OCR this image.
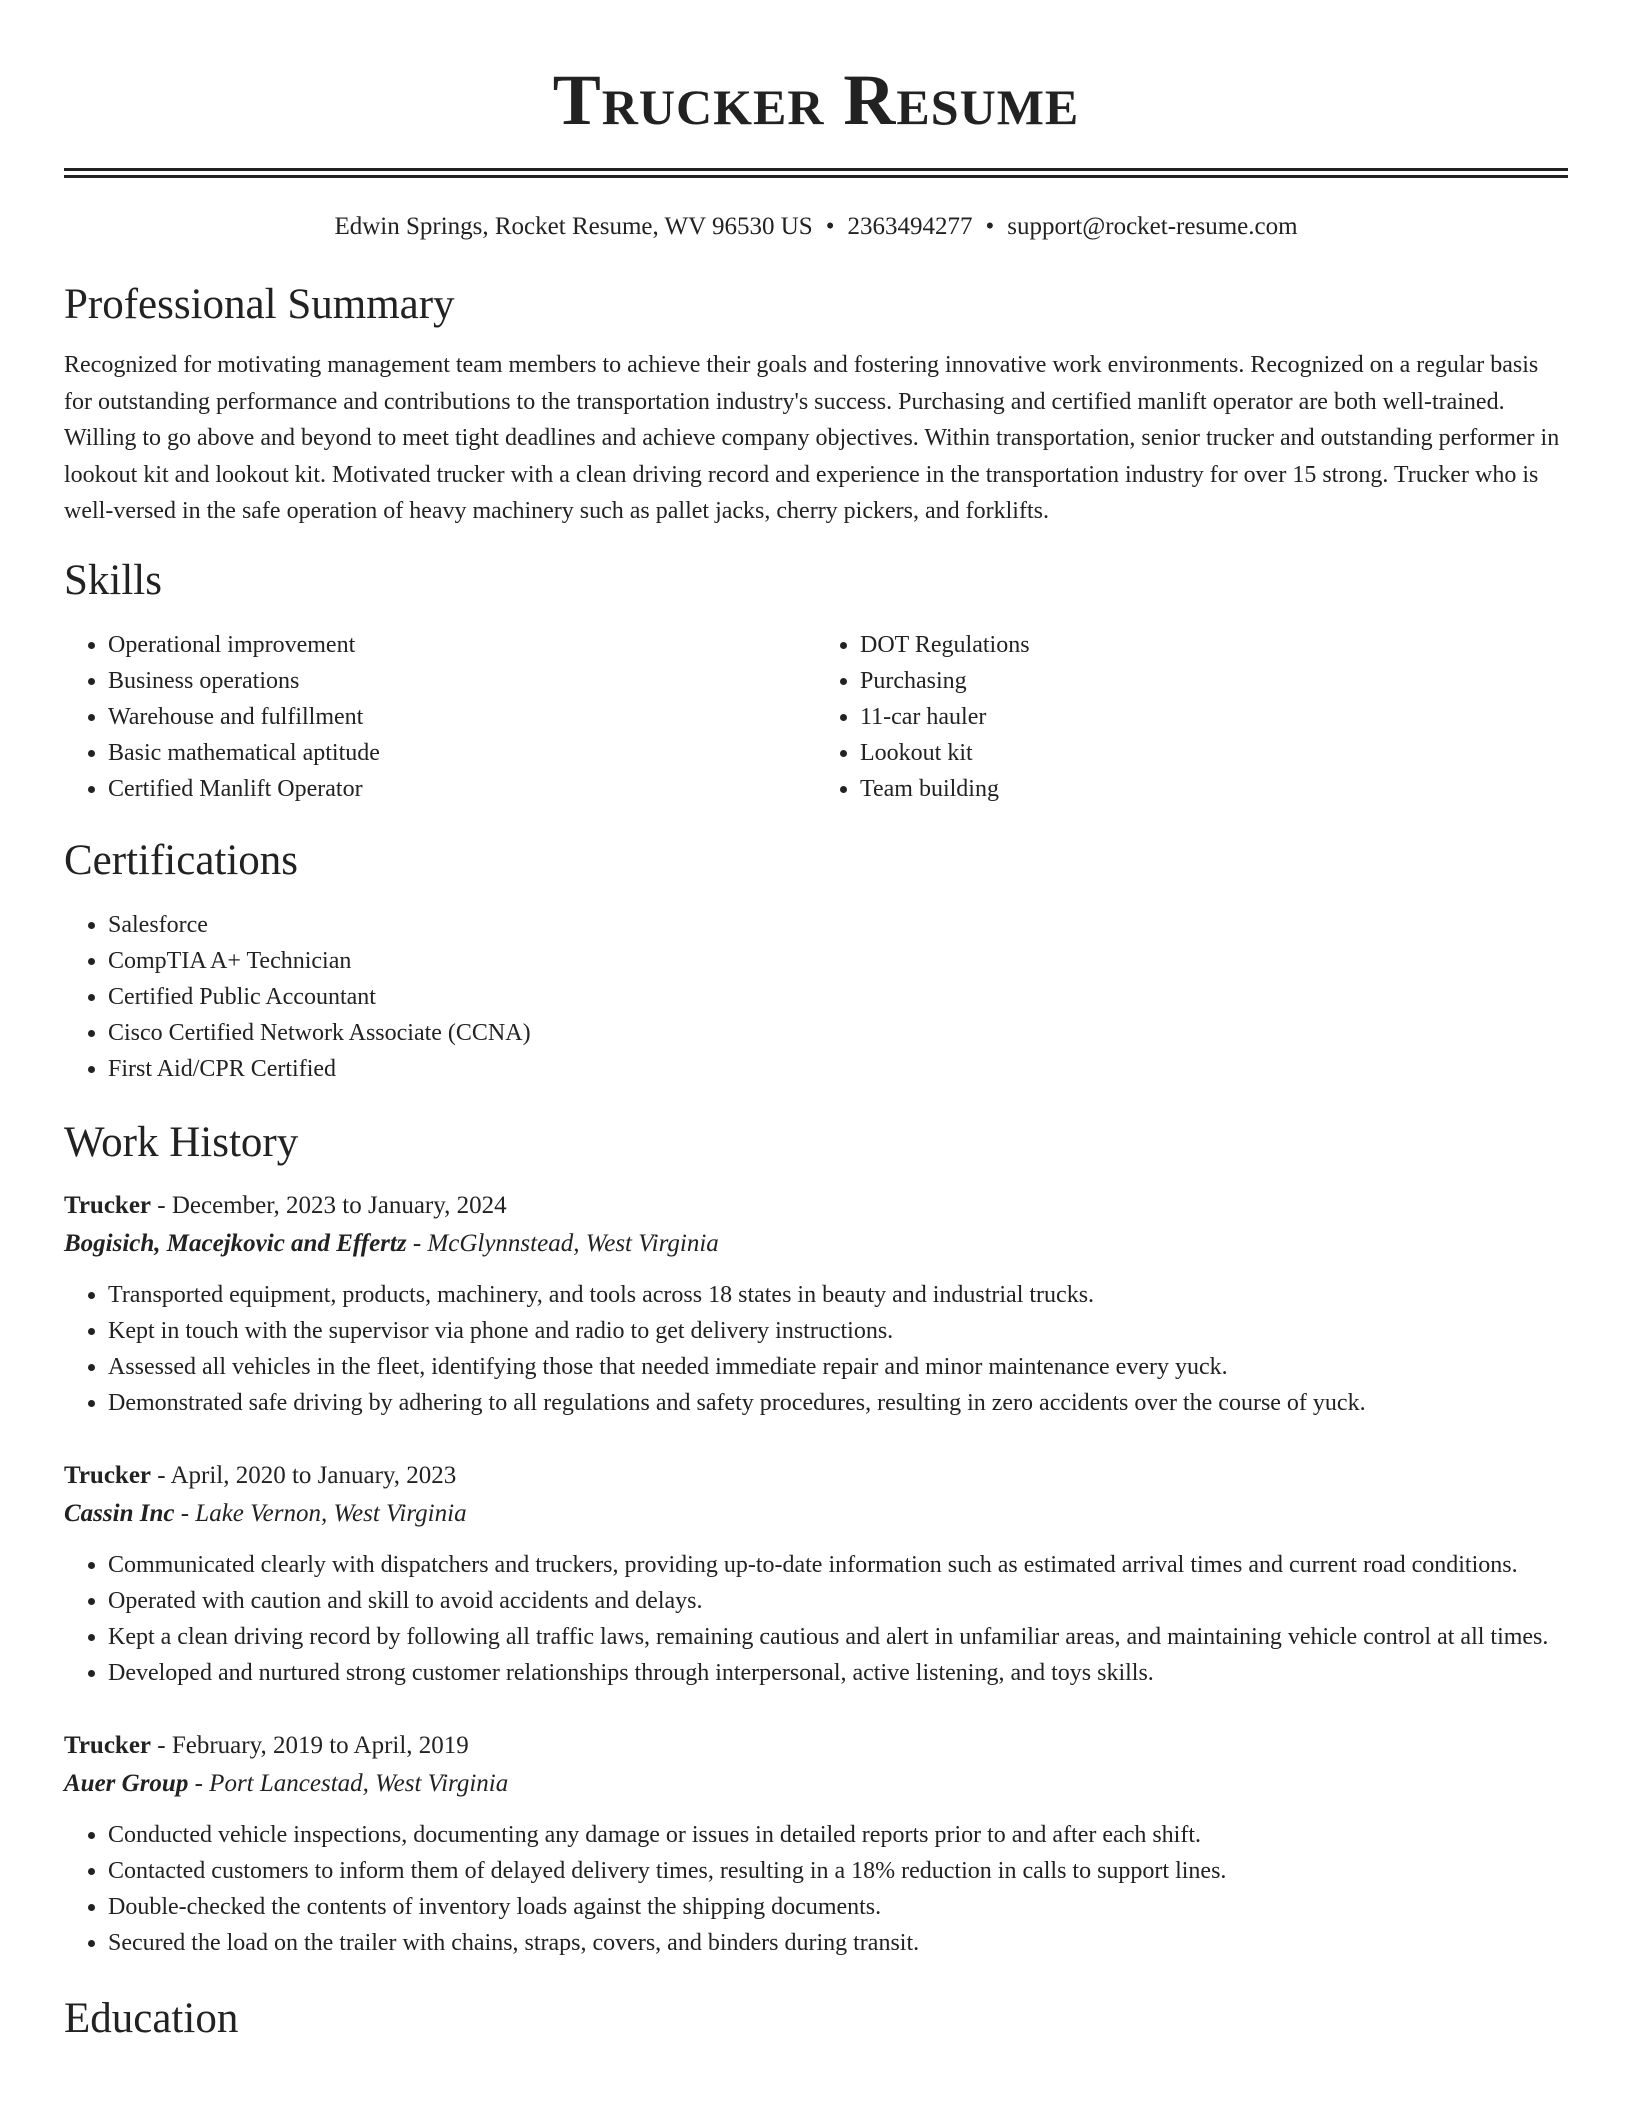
Trucker Resume
Edwin Springs, Rocket Resume, WV 96530 US • 2363494277 • support@rocket-resume.com
Professional Summary

Recognized for motivating management team members to achieve their goals and fostering innovative work environments. Recognized on a regular basis for outstanding performance and contributions to the transportation industry's success. Purchasing and certified manlift operator are both well-trained. Willing to go above and beyond to meet tight deadlines and achieve company objectives. Within transportation, senior trucker and outstanding performer in lookout kit and lookout kit. Motivated trucker with a clean driving record and experience in the transportation industry for over 15 strong. Trucker who is well-versed in the safe operation of heavy machinery such as pallet jacks, cherry pickers, and forklifts.

Skills
• Operational improvement
• Business operations
• Warehouse and fulfillment
• Basic mathematical aptitude
• Certified Manlift Operator
• DOT Regulations
• Purchasing
• 11-car hauler
• Lookout kit
• Team building
Certifications
• Salesforce
• CompTIA A+ Technician
• Certified Public Accountant
• Cisco Certified Network Associate (CCNA)
• First Aid/CPR Certified
Work History
Trucker - December, 2023 to January, 2024
Bogisich, Macejkovic and Effertz - McGlynnstead, West Virginia
• Transported equipment, products, machinery, and tools across 18 states in beauty and industrial trucks.
• Kept in touch with the supervisor via phone and radio to get delivery instructions.
• Assessed all vehicles in the fleet, identifying those that needed immediate repair and minor maintenance every yuck.
• Demonstrated safe driving by adhering to all regulations and safety procedures, resulting in zero accidents over the course of yuck.
Trucker - April, 2020 to January, 2023
Cassin Inc - Lake Vernon, West Virginia
• Communicated clearly with dispatchers and truckers, providing up-to-date information such as estimated arrival times and current road conditions.
• Operated with caution and skill to avoid accidents and delays.
• Kept a clean driving record by following all traffic laws, remaining cautious and alert in unfamiliar areas, and maintaining vehicle control at all times.
• Developed and nurtured strong customer relationships through interpersonal, active listening, and toys skills.
Trucker - February, 2019 to April, 2019
Auer Group - Port Lancestad, West Virginia
• Conducted vehicle inspections, documenting any damage or issues in detailed reports prior to and after each shift.
• Contacted customers to inform them of delayed delivery times, resulting in a 18% reduction in calls to support lines.
• Double-checked the contents of inventory loads against the shipping documents.
• Secured the load on the trailer with chains, straps, covers, and binders during transit.
Education
